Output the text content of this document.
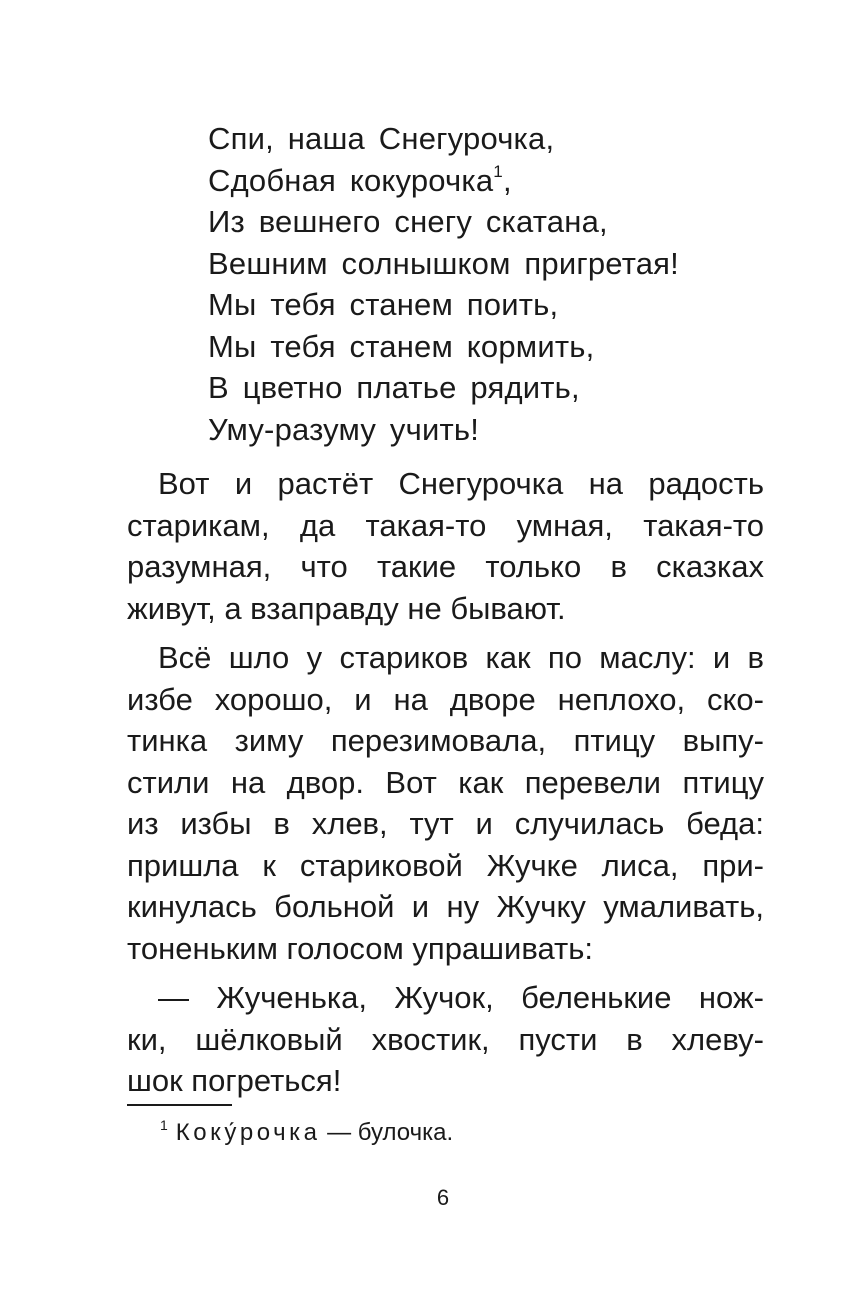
Спи, наша Снегурочка,
Сдобная кокурочка$^1$,
Из вешнего снегу скатана,
Вешним солнышком пригретая!
Мы тебя станем поить,
Мы тебя станем кормить,
В цветно платье рядить,
Уму-разуму учить!
Вот и растёт Снегурочка на радость
старикам, да такая-то умная, такая-то
разумная, что такие только в сказках
живут, а взаправду не бывают.
Всё шло у стариков как по маслу: и в
избе хорошо, и на дворе неплохо, ско-
тинка зиму перезимовала, птицу выпу-
стили на двор. Вот как перевели птицу
из избы в хлев, тут и случилась беда:
пришла к стариковой Жучке лиса, при-
кинулась больной и ну Жучку умаливать,
тоненьким голосом упрашивать:
— Жученька, Жучок, беленькие нож-
ки, шёлковый хвостик, пусти в хлеву-
шок погреться!
$^1$ Коку́рочка — булочка.
6
